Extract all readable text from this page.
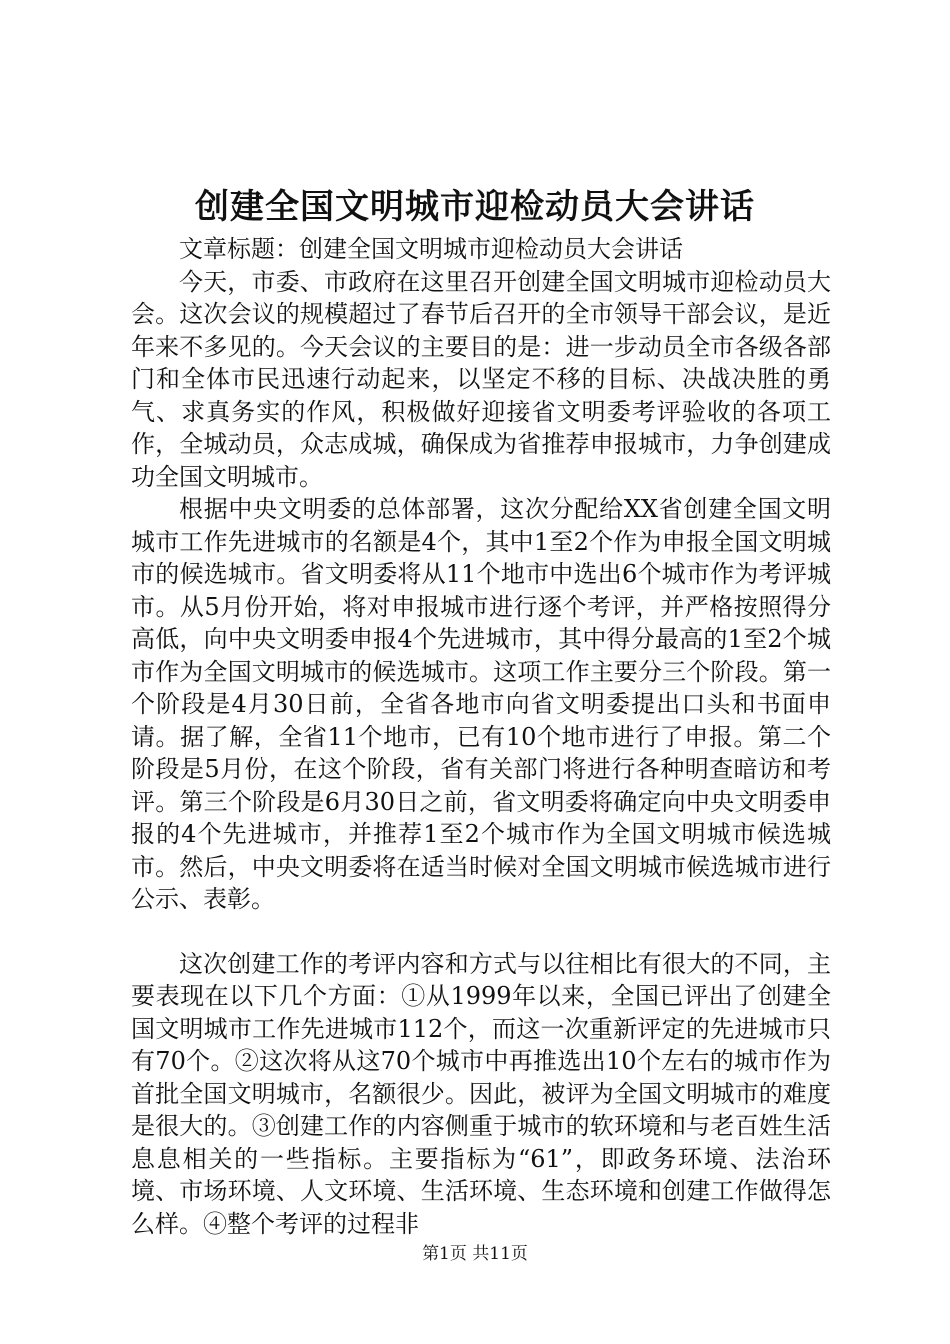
创建全国文明城市迎检动员大会讲话

文章标题：创建全国文明城市迎检动员大会讲话

今天，市委、市政府在这里召开创建全国文明城市迎检动员大会。这次会议的规模超过了春节后召开的全市领导干部会议，是近年来不多见的。今天会议的主要目的是：进一步动员全市各级各部门和全体市民迅速行动起来，以坚定不移的目标、决战决胜的勇气、求真务实的作风，积极做好迎接省文明委考评验收的各项工作，全城动员，众志成城，确保成为省推荐申报城市，力争创建成功全国文明城市。

根据中央文明委的总体部署，这次分配给XX省创建全国文明城市工作先进城市的名额是4个，其中1至2个作为申报全国文明城市的候选城市。省文明委将从11个地市中选出6个城市作为考评城市。从5月份开始，将对申报城市进行逐个考评，并严格按照得分高低，向中央文明委申报4个先进城市，其中得分最高的1至2个城市作为全国文明城市的候选城市。这项工作主要分三个阶段。第一个阶段是4月30日前，全省各地市向省文明委提出口头和书面申请。据了解，全省11个地市，已有10个地市进行了申报。第二个阶段是5月份，在这个阶段，省有关部门将进行各种明查暗访和考评。第三个阶段是6月30日之前，省文明委将确定向中央文明委申报的4个先进城市，并推荐1至2个城市作为全国文明城市候选城市。然后，中央文明委将在适当时候对全国文明城市候选城市进行公示、表彰。

这次创建工作的考评内容和方式与以往相比有很大的不同，主要表现在以下几个方面：①从1999年以来，全国已评出了创建全国文明城市工作先进城市112个，而这一次重新评定的先进城市只有70个。②这次将从这70个城市中再推选出10个左右的城市作为首批全国文明城市，名额很少。因此，被评为全国文明城市的难度是很大的。③创建工作的内容侧重于城市的软环境和与老百姓生活息息相关的一些指标。主要指标为“61”，即政务环境、法治环境、市场环境、人文环境、生活环境、生态环境和创建工作做得怎么样。④整个考评的过程非

第1页 共11页
